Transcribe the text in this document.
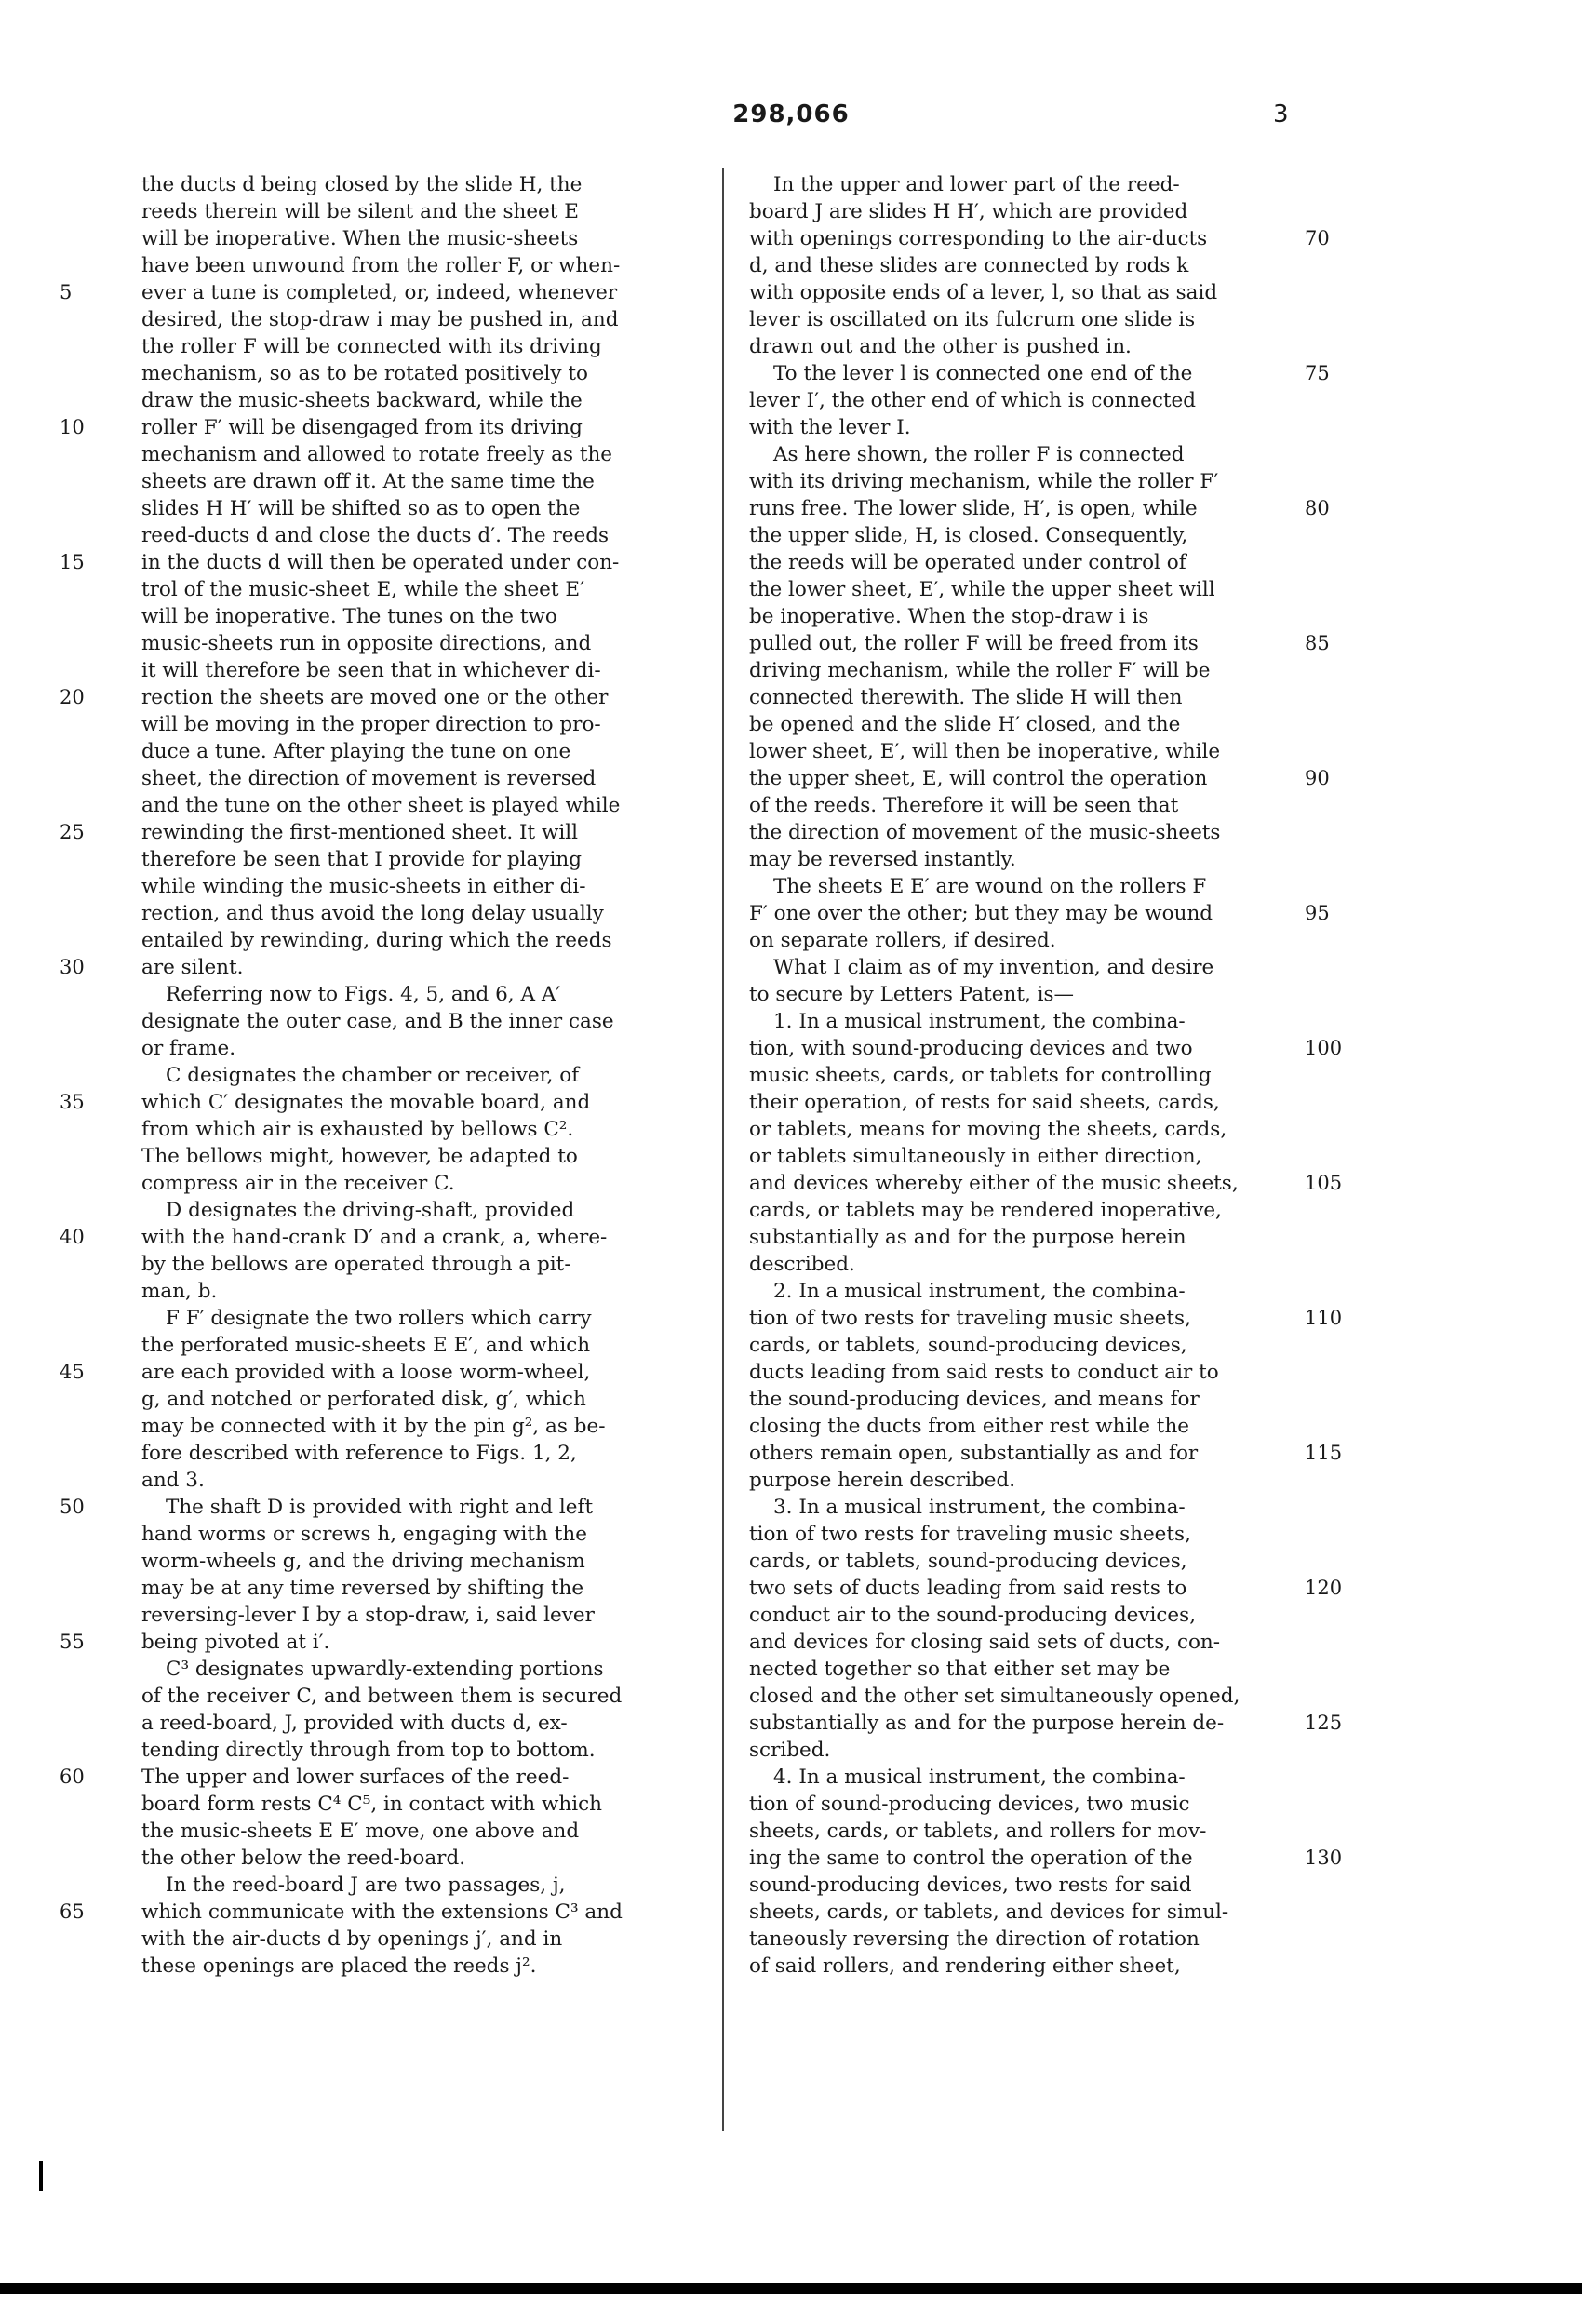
298,066	3
the ducts d being closed by the slide H, the
reeds therein will be silent and the sheet E
will be inoperative. When the music-sheets
have been unwound from the roller F, or when-
ever a tune is completed, or, indeed, whenever
5
desired, the stop-draw i may be pushed in, and
the roller F will be connected with its driving
mechanism, so as to be rotated positively to
draw the music-sheets backward, while the
roller F′ will be disengaged from its driving
10
mechanism and allowed to rotate freely as the
sheets are drawn off it. At the same time the
slides H H′ will be shifted so as to open the
reed-ducts d and close the ducts d′. The reeds
in the ducts d will then be operated under con-
15
trol of the music-sheet E, while the sheet E′
will be inoperative. The tunes on the two
music-sheets run in opposite directions, and
it will therefore be seen that in whichever di-
rection the sheets are moved one or the other
20
will be moving in the proper direction to pro-
duce a tune. After playing the tune on one
sheet, the direction of movement is reversed
and the tune on the other sheet is played while
rewinding the first-mentioned sheet. It will
25
therefore be seen that I provide for playing
while winding the music-sheets in either di-
rection, and thus avoid the long delay usually
entailed by rewinding, during which the reeds
are silent.
30
Referring now to Figs. 4, 5, and 6, A A′
designate the outer case, and B the inner case
or frame.
C designates the chamber or receiver, of
which C′ designates the movable board, and
35
from which air is exhausted by bellows C².
The bellows might, however, be adapted to
compress air in the receiver C.
D designates the driving-shaft, provided
with the hand-crank D′ and a crank, a, where-
40
by the bellows are operated through a pit-
man, b.
F F′ designate the two rollers which carry
the perforated music-sheets E E′, and which
are each provided with a loose worm-wheel,
45
g, and notched or perforated disk, g′, which
may be connected with it by the pin g², as be-
fore described with reference to Figs. 1, 2,
and 3.
The shaft D is provided with right and left
50
hand worms or screws h, engaging with the
worm-wheels g, and the driving mechanism
may be at any time reversed by shifting the
reversing-lever I by a stop-draw, i, said lever
being pivoted at i′.
55
C³ designates upwardly-extending portions
of the receiver C, and between them is secured
a reed-board, J, provided with ducts d, ex-
tending directly through from top to bottom.
The upper and lower surfaces of the reed-
60
board form rests C⁴ C⁵, in contact with which
the music-sheets E E′ move, one above and
the other below the reed-board.
In the reed-board J are two passages, j,
which communicate with the extensions C³ and
65
with the air-ducts d by openings j′, and in
these openings are placed the reeds j².
In the upper and lower part of the reed-
board J are slides H H′, which are provided
with openings corresponding to the air-ducts	70
d, and these slides are connected by rods k
with opposite ends of a lever, l, so that as said
lever is oscillated on its fulcrum one slide is
drawn out and the other is pushed in.
To the lever l is connected one end of the	75
lever I′, the other end of which is connected
with the lever I.
As here shown, the roller F is connected
with its driving mechanism, while the roller F′
runs free. The lower slide, H′, is open, while	80
the upper slide, H, is closed. Consequently,
the reeds will be operated under control of
the lower sheet, E′, while the upper sheet will
be inoperative. When the stop-draw i is
pulled out, the roller F will be freed from its	85
driving mechanism, while the roller F′ will be
connected therewith. The slide H will then
be opened and the slide H′ closed, and the
lower sheet, E′, will then be inoperative, while
the upper sheet, E, will control the operation	90
of the reeds. Therefore it will be seen that
the direction of movement of the music-sheets
may be reversed instantly.
The sheets E E′ are wound on the rollers F
F′ one over the other; but they may be wound	95
on separate rollers, if desired.
What I claim as of my invention, and desire
to secure by Letters Patent, is—
1. In a musical instrument, the combina-
tion, with sound-producing devices and two	100
music sheets, cards, or tablets for controlling
their operation, of rests for said sheets, cards,
or tablets, means for moving the sheets, cards,
or tablets simultaneously in either direction,
and devices whereby either of the music sheets,	105
cards, or tablets may be rendered inoperative,
substantially as and for the purpose herein
described.
2. In a musical instrument, the combina-
tion of two rests for traveling music sheets,	110
cards, or tablets, sound-producing devices,
ducts leading from said rests to conduct air to
the sound-producing devices, and means for
closing the ducts from either rest while the
others remain open, substantially as and for	115
purpose herein described.
3. In a musical instrument, the combina-
tion of two rests for traveling music sheets,
cards, or tablets, sound-producing devices,
two sets of ducts leading from said rests to	120
conduct air to the sound-producing devices,
and devices for closing said sets of ducts, con-
nected together so that either set may be
closed and the other set simultaneously opened,
substantially as and for the purpose herein de-	125
scribed.
4. In a musical instrument, the combina-
tion of sound-producing devices, two music
sheets, cards, or tablets, and rollers for mov-
ing the same to control the operation of the	130
sound-producing devices, two rests for said
sheets, cards, or tablets, and devices for simul-
taneously reversing the direction of rotation
of said rollers, and rendering either sheet,
